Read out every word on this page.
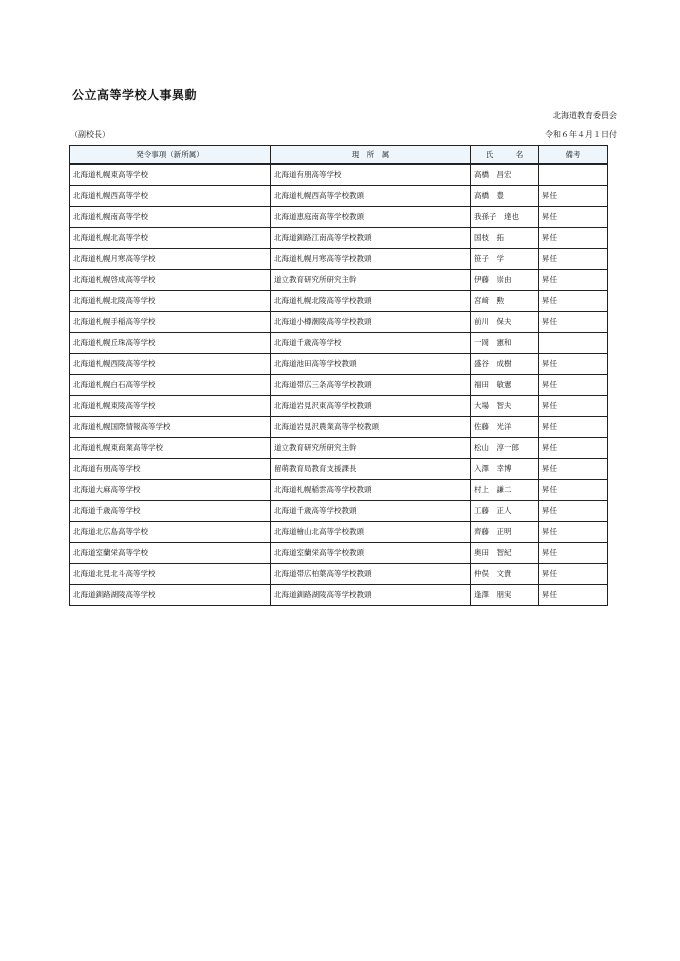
公立高等学校人事異動
北海道教育委員会
（副校長）	令和６年４月１日付
発令事項（新所属）	現　所　属	氏　　　名	備考
北海道札幌東高等学校	北海道有朋高等学校	高橋　昌宏	
北海道札幌西高等学校	北海道札幌西高等学校教頭	高橋　豊	昇任
北海道札幌南高等学校	北海道恵庭南高等学校教頭	我孫子　達也	昇任
北海道札幌北高等学校	北海道釧路江南高等学校教頭	国枝　拓	昇任
北海道札幌月寒高等学校	北海道札幌月寒高等学校教頭	笹子　学	昇任
北海道札幌啓成高等学校	道立教育研究所研究主幹	伊藤　崇由	昇任
北海道札幌北陵高等学校	北海道札幌北陵高等学校教頭	宮﨑　勲	昇任
北海道札幌手稲高等学校	北海道小樽潮陵高等学校教頭	前川　保夫	昇任
北海道札幌丘珠高等学校	北海道千歳高等学校	一岡　憲和	
北海道札幌西陵高等学校	北海道池田高等学校教頭	盛谷　成樹	昇任
北海道札幌白石高等学校	北海道帯広三条高等学校教頭	福田　敏憲	昇任
北海道札幌東陵高等学校	北海道岩見沢東高等学校教頭	大場　智夫	昇任
北海道札幌国際情報高等学校	北海道岩見沢農業高等学校教頭	佐藤　光洋	昇任
北海道札幌東商業高等学校	道立教育研究所研究主幹	松山　淳一郎	昇任
北海道有朋高等学校	留萌教育局教育支援課長	入澤　幸博	昇任
北海道大麻高等学校	北海道札幌稲雲高等学校教頭	村上　謙二	昇任
北海道千歳高等学校	北海道千歳高等学校教頭	工藤　正人	昇任
北海道北広島高等学校	北海道檜山北高等学校教頭	齊藤　正明	昇任
北海道室蘭栄高等学校	北海道室蘭栄高等学校教頭	奥田　智紀	昇任
北海道北見北斗高等学校	北海道帯広柏葉高等学校教頭	仲俣　文貴	昇任
北海道釧路湖陵高等学校	北海道釧路湖陵高等学校教頭	逢澤　朋実	昇任
